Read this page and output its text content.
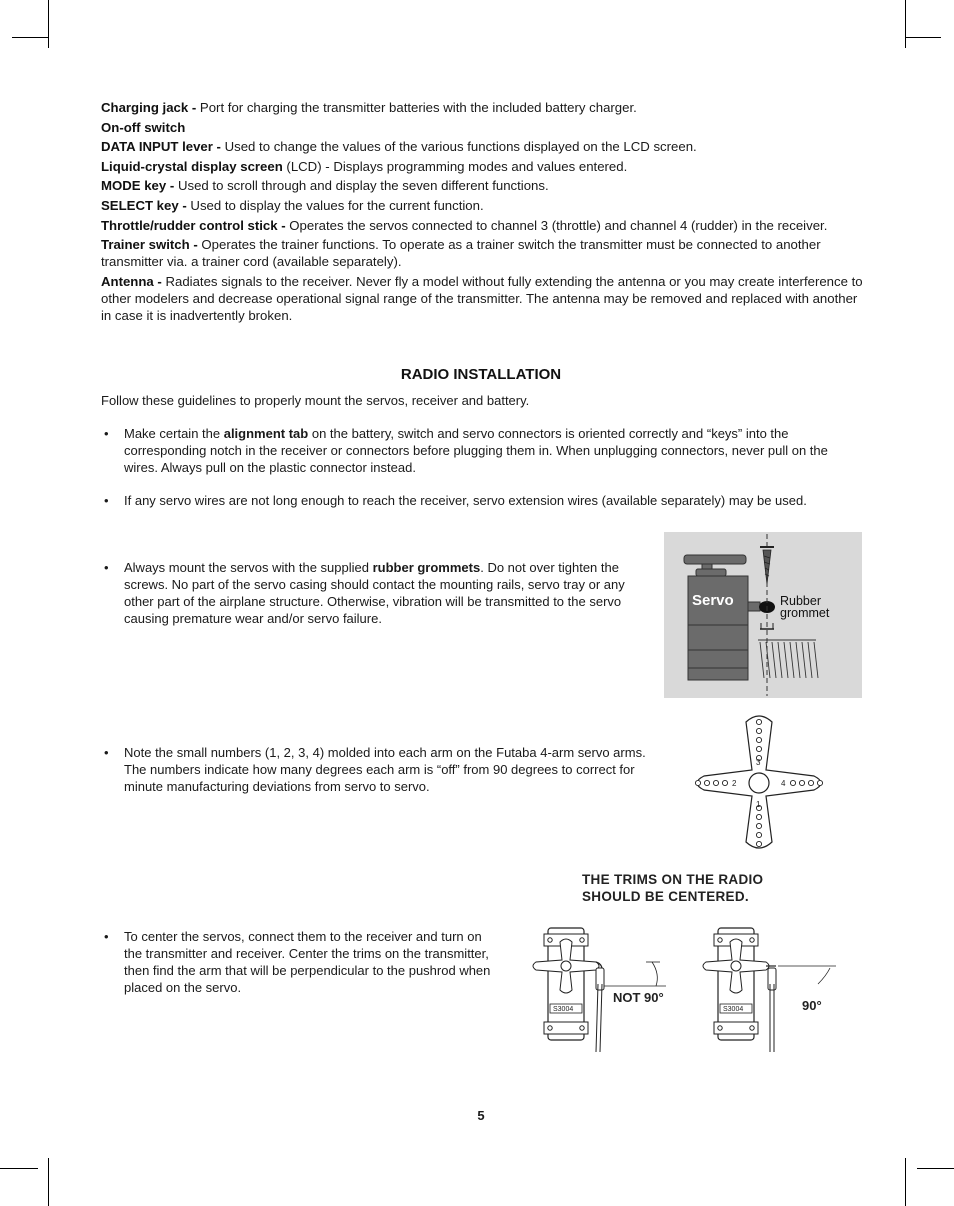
Charging jack - Port for charging the transmitter batteries with the included battery charger.

On-off switch

DATA INPUT lever - Used to change the values of the various functions displayed on the LCD screen.

Liquid-crystal display screen (LCD) - Displays programming modes and values entered.

MODE key - Used to scroll through and display the seven different functions.

SELECT key - Used to display the values for the current function.

Throttle/rudder control stick - Operates the servos connected to channel 3 (throttle) and channel 4 (rudder) in the receiver.

Trainer switch - Operates the trainer functions. To operate as a trainer switch the transmitter must be connected to another transmitter via. a trainer cord (available separately).

Antenna - Radiates signals to the receiver. Never fly a model without fully extending the antenna or you may create interference to other modelers and decrease operational signal range of the transmitter. The antenna may be removed and replaced with another in case it is inadvertently broken.

RADIO INSTALLATION
Follow these guidelines to properly mount the servos, receiver and battery.
• Make certain the alignment tab on the battery, switch and servo connectors is oriented correctly and “keys” into the corresponding notch in the receiver or connectors before plugging them in. When unplugging connectors, never pull on the wires. Always pull on the plastic connector instead.
• If any servo wires are not long enough to reach the receiver, servo extension wires (available separately) may be used.
• Always mount the servos with the supplied rubber grommets. Do not over tighten the screws. No part of the servo casing should contact the mounting rails, servo tray or any other part of the airplane structure. Otherwise, vibration will be transmitted to the servo causing premature wear and/or servo failure.
• Note the small numbers (1, 2, 3, 4) molded into each arm on the Futaba 4-arm servo arms. The numbers indicate how many degrees each arm is “off” from 90 degrees to correct for minute manufacturing deviations from servo to servo.
• To center the servos, connect them to the receiver and turn on the transmitter and receiver. Center the trims on the transmitter, then find the arm that will be perpendicular to the pushrod when placed on the servo.
Servo	Rubber
grommet
3
1
2	4
THE TRIMS ON THE RADIO
SHOULD BE CENTERED.
S3004
NOT 90°
S3004	90°
5
